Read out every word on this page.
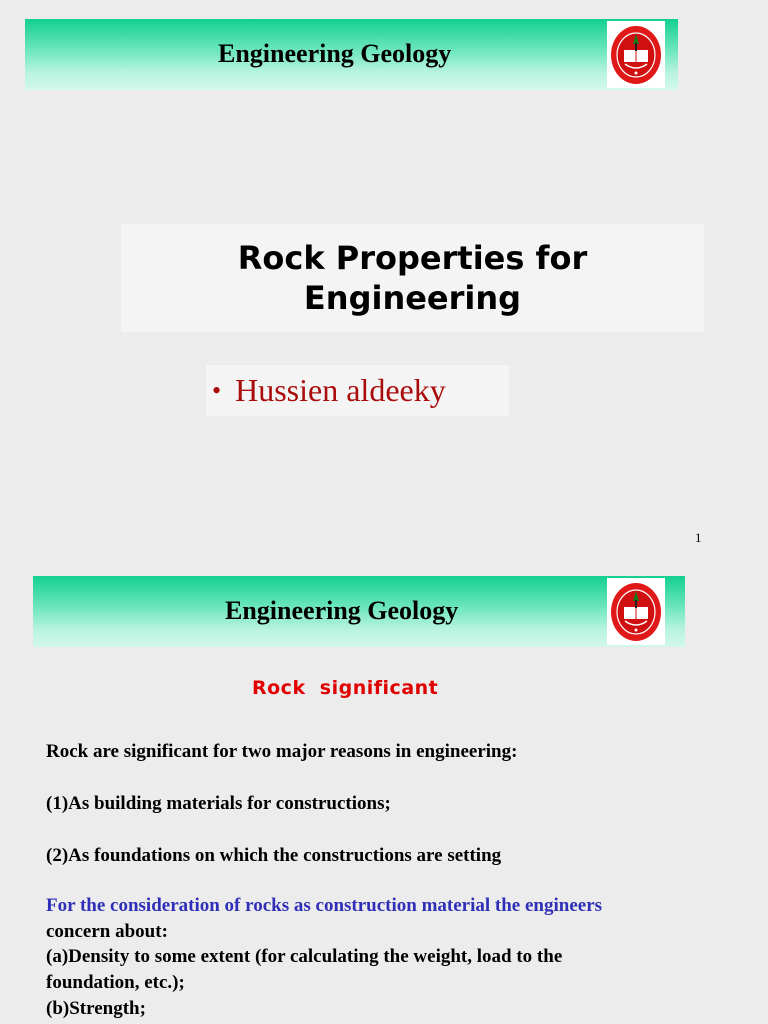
Engineering Geology
Rock Properties for Engineering
• Hussien aldeeky
1
Engineering Geology
Rock  significant
Rock are significant for two major reasons in engineering:
(1)As building materials for constructions;
(2)As foundations on which the constructions are setting
For the consideration of rocks as construction material the engineers
concern about:
(a)Density to some extent (for calculating the weight, load to the
foundation, etc.);
(b)Strength;
